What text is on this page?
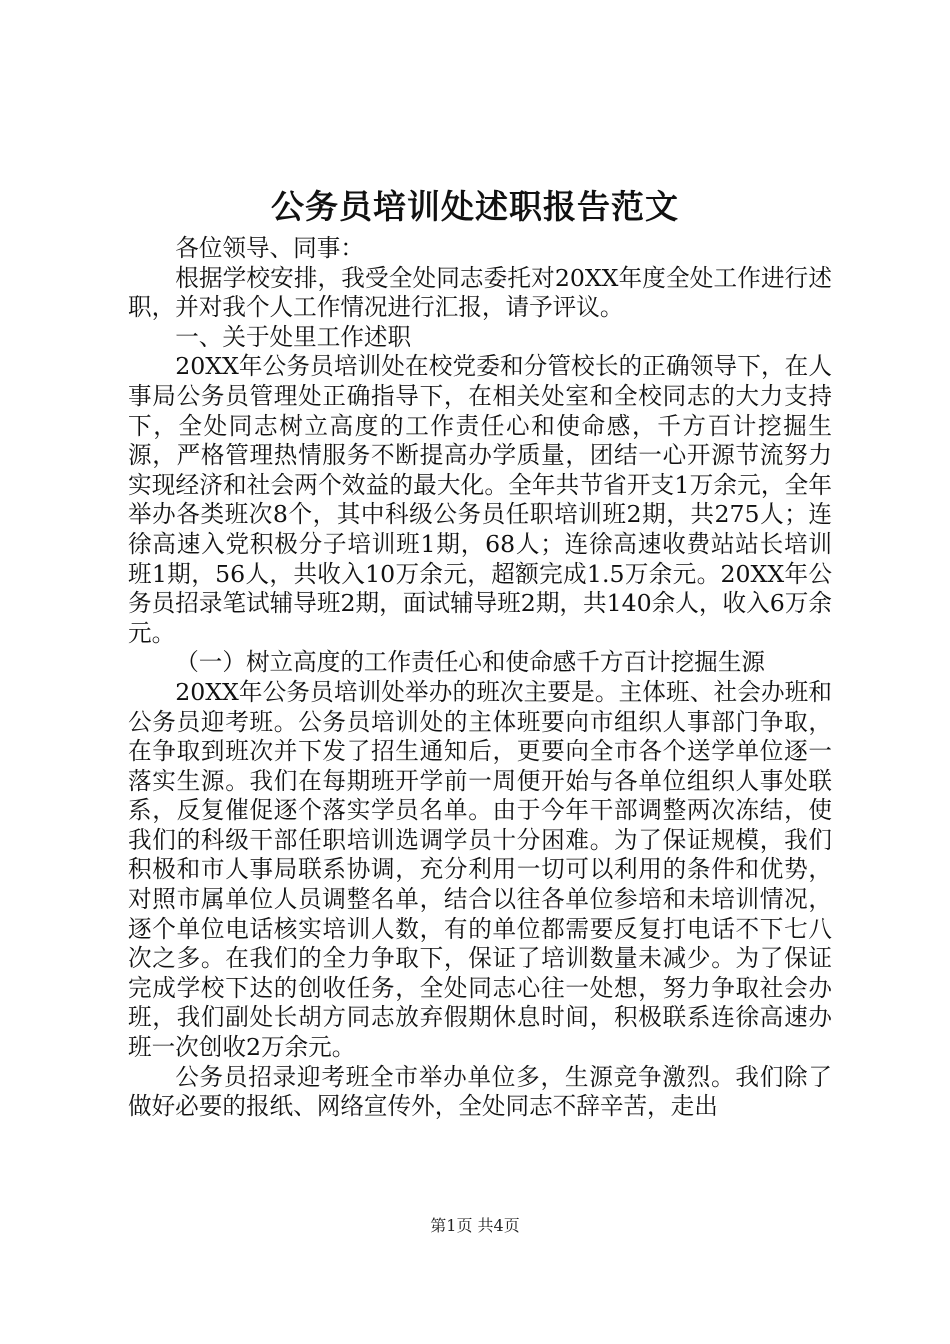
公务员培训处述职报告范文

各位领导、同事：

根据学校安排，我受全处同志委托对20XX年度全处工作进行述职，并对我个人工作情况进行汇报，请予评议。

一、关于处里工作述职

20XX年公务员培训处在校党委和分管校长的正确领导下，在人事局公务员管理处正确指导下，在相关处室和全校同志的大力支持下，全处同志树立高度的工作责任心和使命感，千方百计挖掘生源，严格管理热情服务不断提高办学质量，团结一心开源节流努力实现经济和社会两个效益的最大化。全年共节省开支1万余元，全年举办各类班次8个，其中科级公务员任职培训班2期，共275人；连徐高速入党积极分子培训班1期，68人；连徐高速收费站站长培训班1期，56人，共收入10万余元，超额完成1.5万余元。20XX年公务员招录笔试辅导班2期，面试辅导班2期，共140余人，收入6万余元。

（一）树立高度的工作责任心和使命感千方百计挖掘生源

20XX年公务员培训处举办的班次主要是。主体班、社会办班和公务员迎考班。公务员培训处的主体班要向市组织人事部门争取，在争取到班次并下发了招生通知后，更要向全市各个送学单位逐一落实生源。我们在每期班开学前一周便开始与各单位组织人事处联系，反复催促逐个落实学员名单。由于今年干部调整两次冻结，使我们的科级干部任职培训选调学员十分困难。为了保证规模，我们积极和市人事局联系协调，充分利用一切可以利用的条件和优势，对照市属单位人员调整名单，结合以往各单位参培和未培训情况，逐个单位电话核实培训人数，有的单位都需要反复打电话不下七八次之多。在我们的全力争取下，保证了培训数量未减少。为了保证完成学校下达的创收任务，全处同志心往一处想，努力争取社会办班，我们副处长胡方同志放弃假期休息时间，积极联系连徐高速办班一次创收2万余元。

公务员招录迎考班全市举办单位多，生源竞争激烈。我们除了做好必要的报纸、网络宣传外，全处同志不辞辛苦，走出

第1页 共4页
